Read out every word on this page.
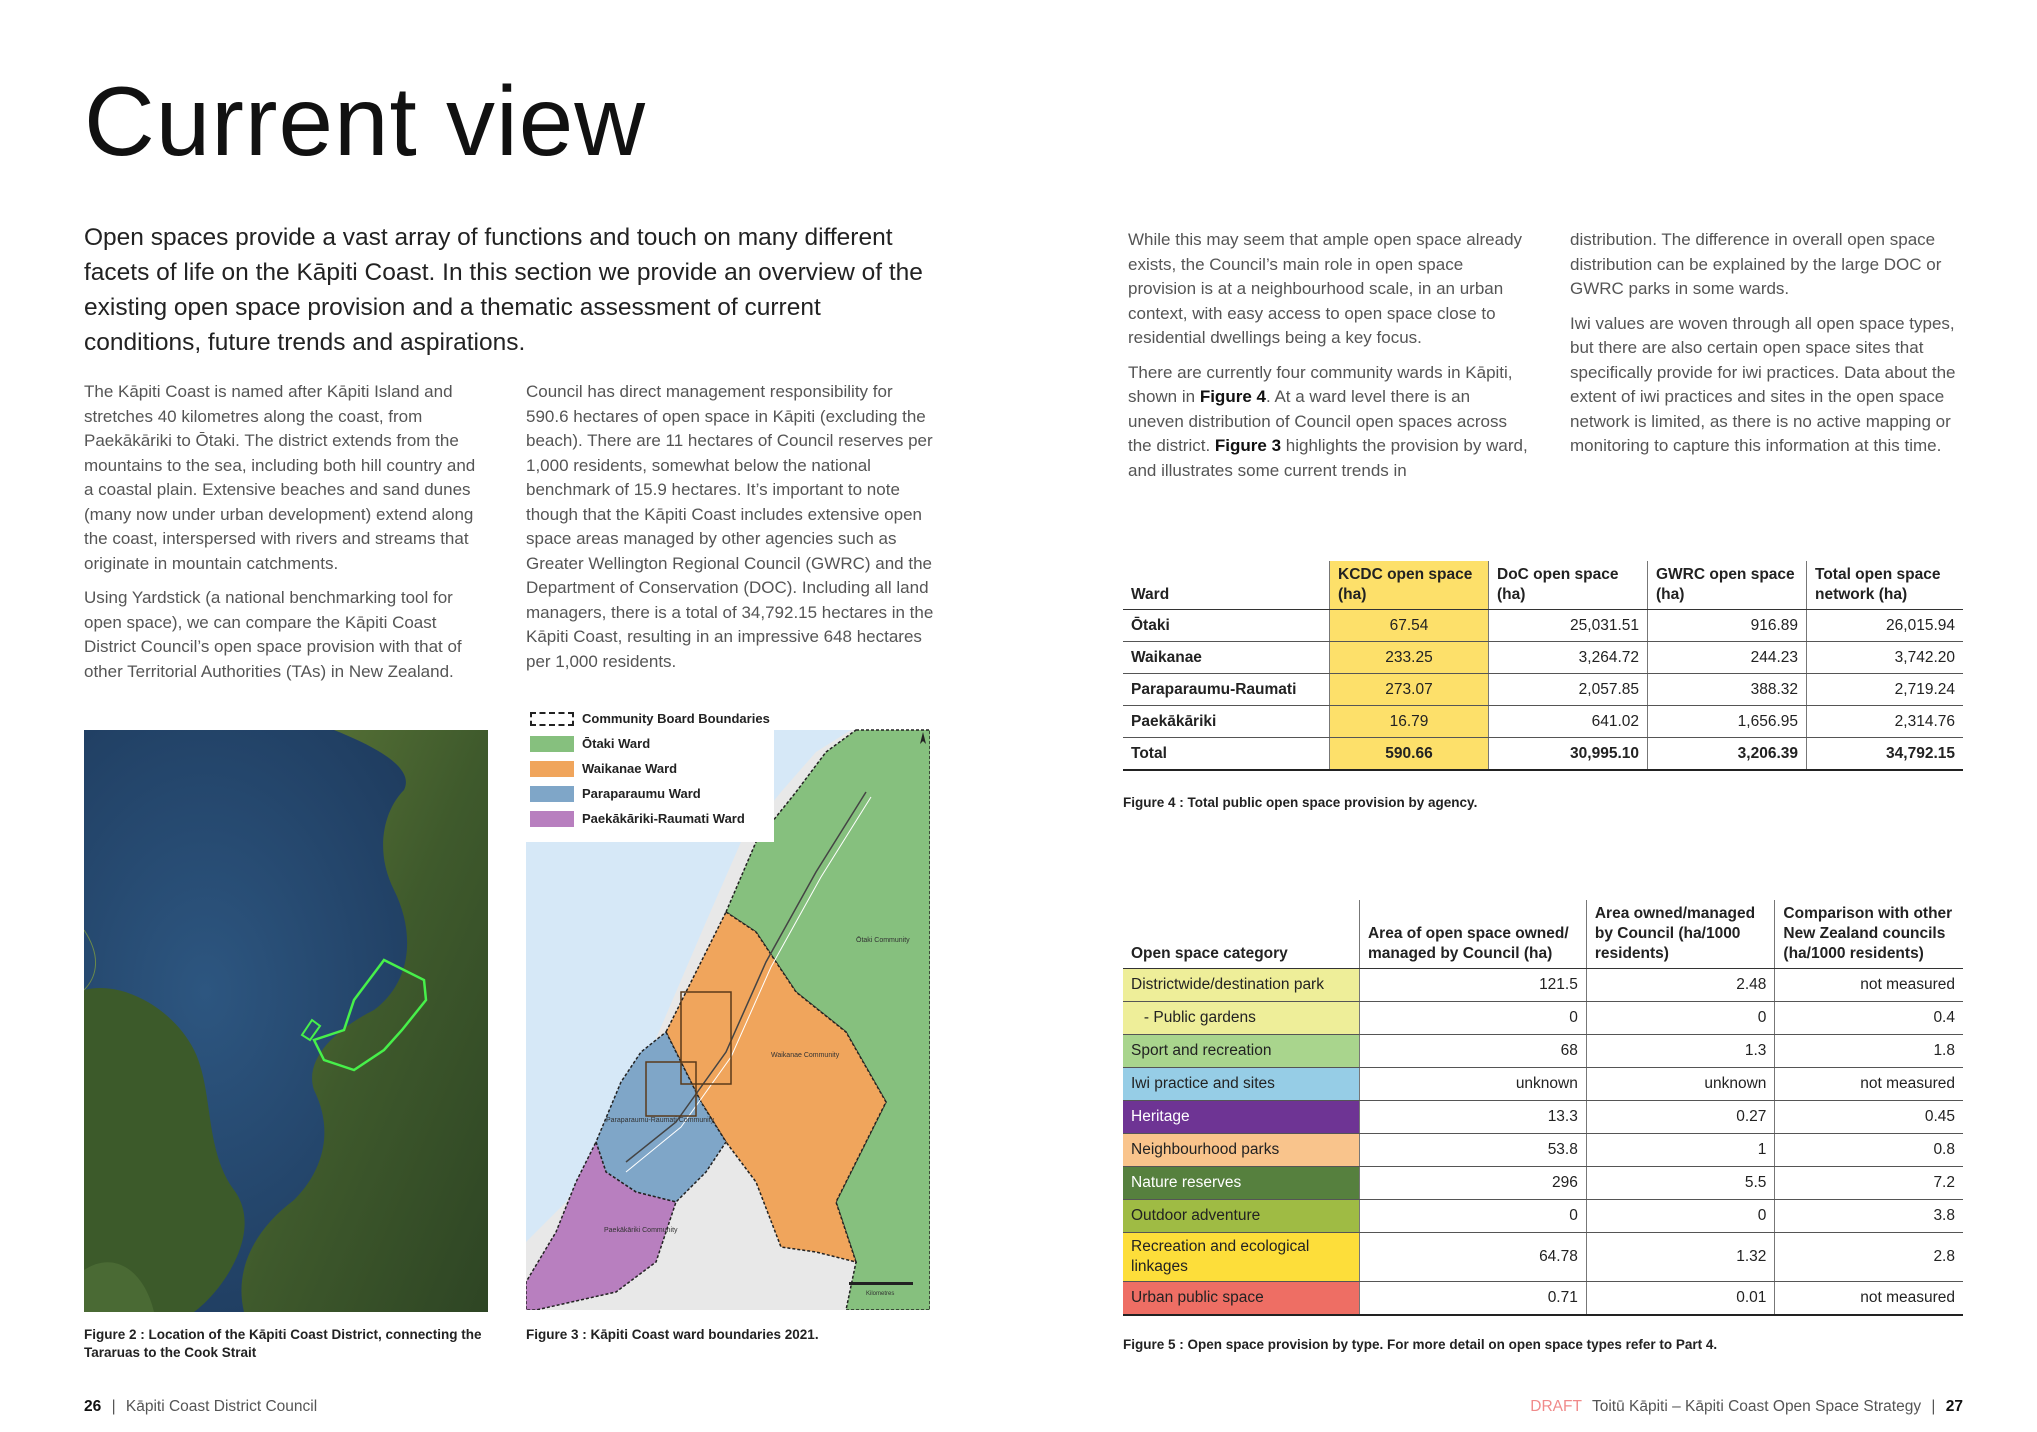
Current view
Open spaces provide a vast array of functions and touch on many different facets of life on the Kāpiti Coast. In this section we provide an overview of the existing open space provision and a thematic assessment of current conditions, future trends and aspirations.

The Kāpiti Coast is named after Kāpiti Island and stretches 40 kilometres along the coast, from Paekākāriki to Ōtaki. The district extends from the mountains to the sea, including both hill country and a coastal plain. Extensive beaches and sand dunes (many now under urban development) extend along the coast, interspersed with rivers and streams that originate in mountain catchments.

Using Yardstick (a national benchmarking tool for open space), we can compare the Kāpiti Coast District Council’s open space provision with that of other Territorial Authorities (TAs) in New Zealand.

Council has direct management responsibility for 590.6 hectares of open space in Kāpiti (excluding the beach). There are 11 hectares of Council reserves per 1,000 residents, somewhat below the national benchmark of 15.9 hectares. It’s important to note though that the Kāpiti Coast includes extensive open space areas managed by other agencies such as Greater Wellington Regional Council (GWRC) and the Department of Conservation (DOC). Including all land managers, there is a total of 34,792.15 hectares in the Kāpiti Coast, resulting in an impressive 648 hectares per 1,000 residents.

While this may seem that ample open space already exists, the Council’s main role in open space provision is at a neighbourhood scale, in an urban context, with easy access to open space close to residential dwellings being a key focus.

There are currently four community wards in Kāpiti, shown in Figure 4. At a ward level there is an uneven distribution of Council open spaces across the district. Figure 3 highlights the provision by ward, and illustrates some current trends in

distribution. The difference in overall open space distribution can be explained by the large DOC or GWRC parks in some wards.

Iwi values are woven through all open space types, but there are also certain open space sites that specifically provide for iwi practices. Data about the extent of iwi practices and sites in the open space network is limited, as there is no active mapping or monitoring to capture this information at this time.

Ōtaki Community
Waikanae Community
Paraparaumu-Raumati Community
Paekākāriki Community
Kilometres
Community Board Boundaries
Ōtaki Ward
Waikanae Ward
Paraparaumu Ward
Paekākāriki-Raumati Ward
Figure 2 : Location of the Kāpiti Coast District, connecting the Tararuas to the Cook Strait
Figure 3 : Kāpiti Coast ward boundaries 2021.
Ward	KCDC open space (ha)	DoC open space (ha)	GWRC open space (ha)	Total open space network (ha)
Ōtaki	67.54	25,031.51	916.89	26,015.94
Waikanae	233.25	3,264.72	244.23	3,742.20
Paraparaumu-Raumati	273.07	2,057.85	388.32	2,719.24
Paekākāriki	16.79	641.02	1,656.95	2,314.76
Total	590.66	30,995.10	3,206.39	34,792.15
Figure 4 : Total public open space provision by agency.
Open space category	Area of open space owned/ managed by Council (ha)	Area owned/managed by Council (ha/1000 residents)	Comparison with other New Zealand councils (ha/1000 residents)
Districtwide/destination park	121.5	2.48	not measured
- Public gardens	0	0	0.4
Sport and recreation	68	1.3	1.8
Iwi practice and sites	unknown	unknown	not measured
Heritage	13.3	0.27	0.45
Neighbourhood parks	53.8	1	0.8
Nature reserves	296	5.5	7.2
Outdoor adventure	0	0	3.8
Recreation and ecological linkages	64.78	1.32	2.8
Urban public space	0.71	0.01	not measured
Figure 5 : Open space provision by type. For more detail on open space types refer to Part 4.
26 | Kāpiti Coast District Council	DRAFT Toitū Kāpiti – Kāpiti Coast Open Space Strategy | 27
